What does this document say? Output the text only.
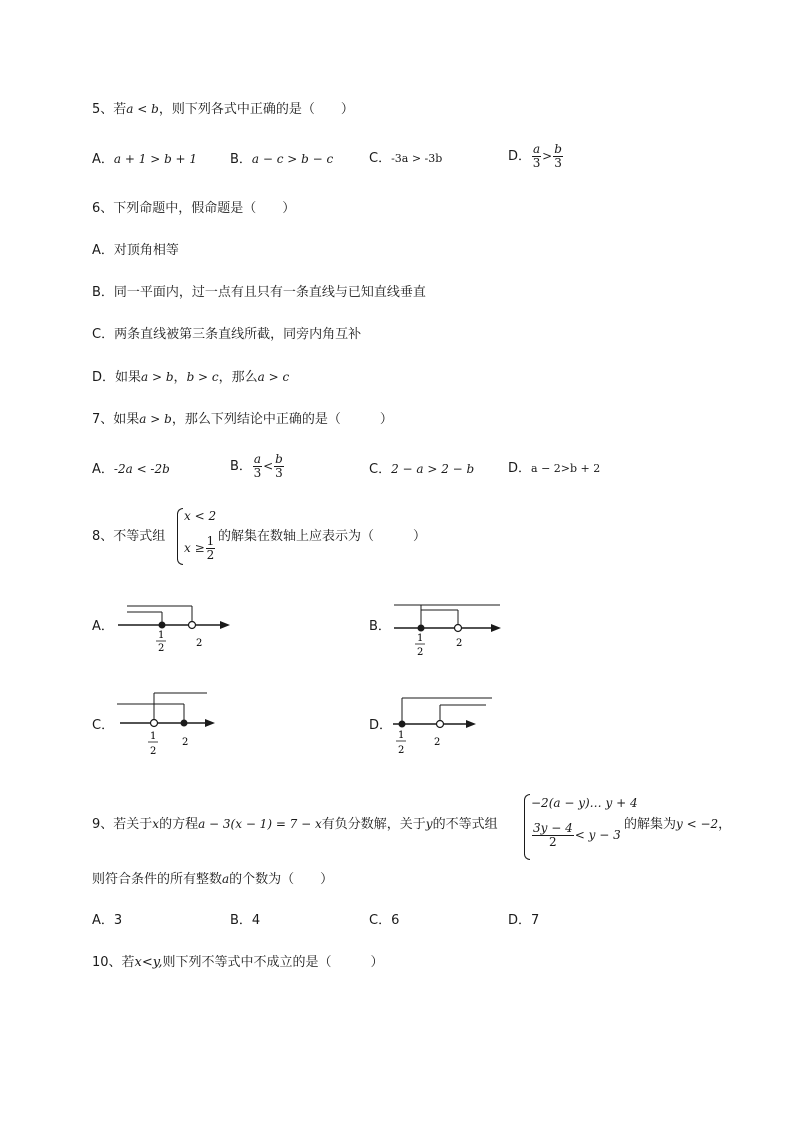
5、若a < b，则下列各式中正确的是（　　）
A．a + 1 > b + 1	B．a − c > b − c	C．-3a > -3b	D． $\frac{a}{3} > \frac{b}{3}$
6、下列命题中，假命题是（　　）
A．对顶角相等
B．同一平面内，过一点有且只有一条直线与已知直线垂直
C．两条直线被第三条直线所截，同旁内角互补
D．如果a > b，b > c，那么a > c
7、如果a > b，那么下列结论中正确的是（　　　）
A．-2a < -2b	B． $\frac{a}{3} < \frac{b}{3}$	C．2 − a > 2 − b	D．a − 2>b + 2
8、不等式组
x < 2
$x \ge \frac{1}{2}$ 的解集在数轴上应表示为（　　　）
A．
1
2	2
B．
1
2
2
C．
1
2
2
D．
1
2
2
9、若关于x的方程a − 3(x − 1) = 7 − x有负分数解，关于y的不等式组
−2(a − y)… y + 4
$\frac{3y - 4}{2} < y - 3$
的解集为y < −2，
则符合条件的所有整数a的个数为（　　）
A．3	B．4	C．6	D．7
10、若x<y,则下列不等式中不成立的是（　　　）
